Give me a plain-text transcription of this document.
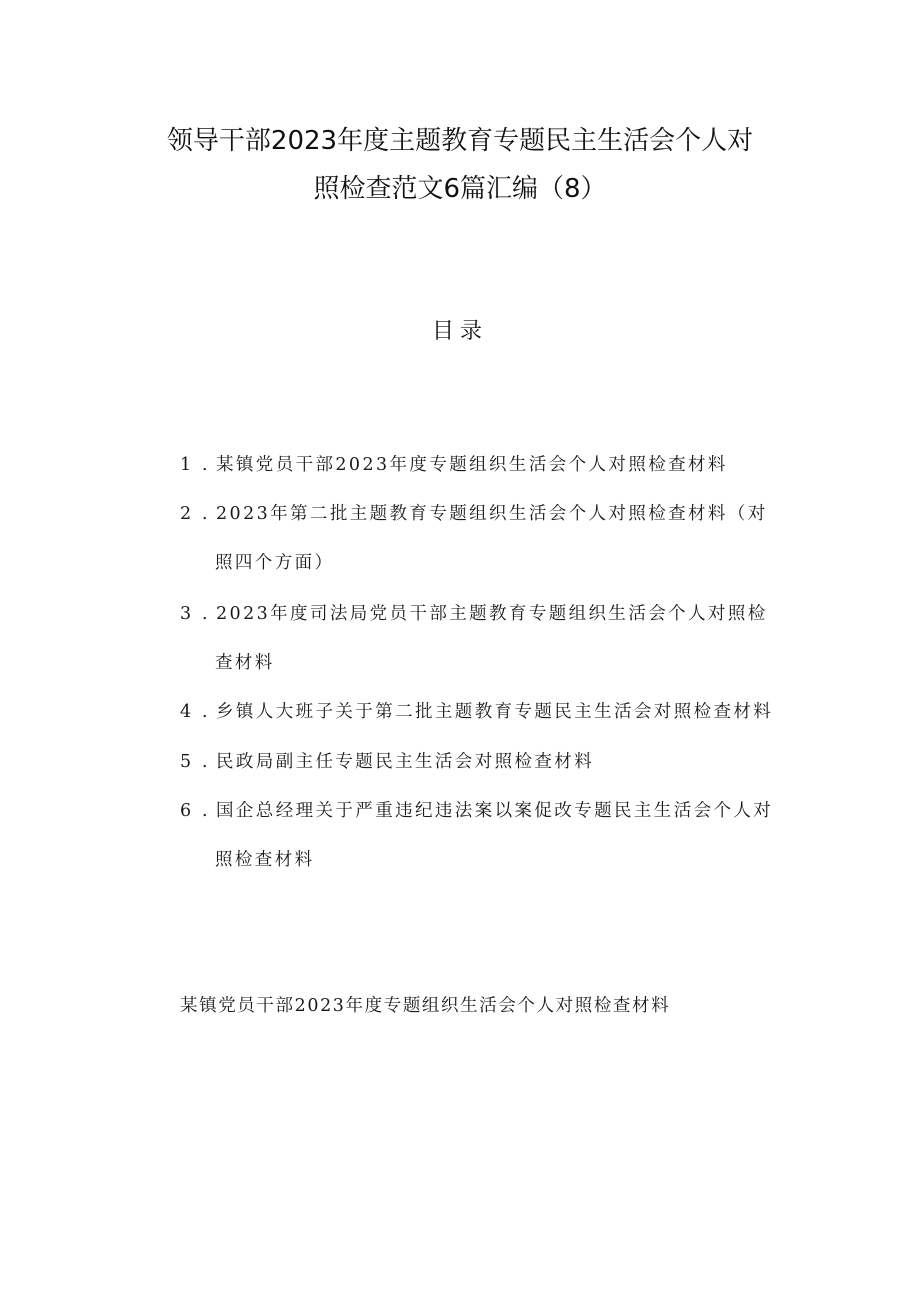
领导干部2023年度主题教育专题民主生活会个人对
照检查范文6篇汇编（8）
目录
1 . 某镇党员干部2023年度专题组织生活会个人对照检查材料
2 . 2023年第二批主题教育专题组织生活会个人对照检查材料（对
照四个方面）
3 . 2023年度司法局党员干部主题教育专题组织生活会个人对照检
查材料
4 . 乡镇人大班子关于第二批主题教育专题民主生活会对照检查材料
5 . 民政局副主任专题民主生活会对照检查材料
6 . 国企总经理关于严重违纪违法案以案促改专题民主生活会个人对
照检查材料
某镇党员干部2023年度专题组织生活会个人对照检查材料
